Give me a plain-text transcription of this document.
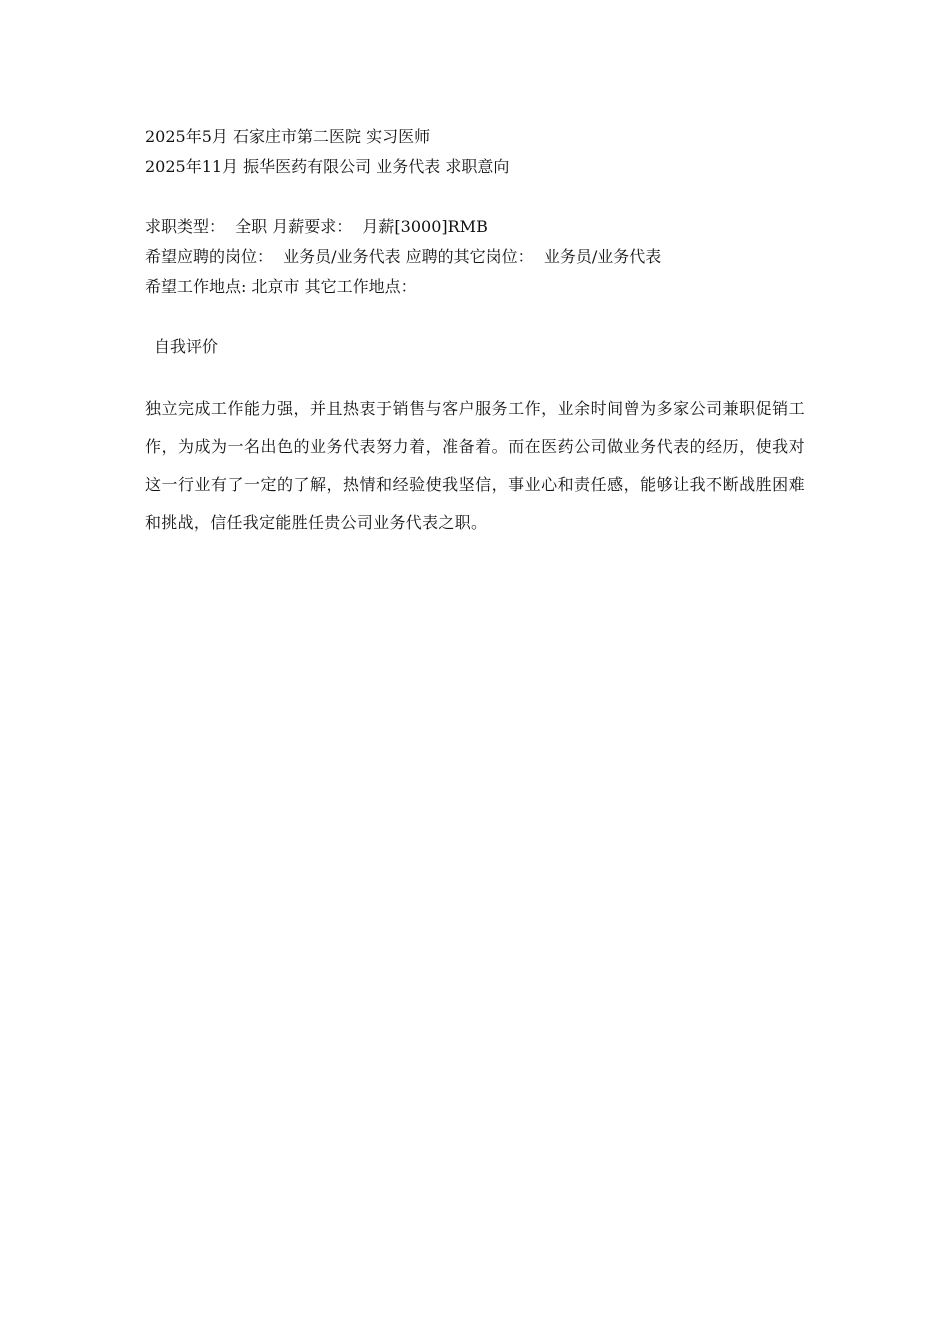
2025年5月 石家庄市第二医院 实习医师

2025年11月 振华医药有限公司 业务代表 求职意向

求职类型：  全职 月薪要求：  月薪[3000]RMB

希望应聘的岗位：  业务员/业务代表 应聘的其它岗位：  业务员/业务代表

希望工作地点: 北京市 其它工作地点：

自我评价

独立完成工作能力强，并且热衷于销售与客户服务工作，业余时间曾为多家公司兼职促销工作，为成为一名出色的业务代表努力着，准备着。而在医药公司做业务代表的经历，使我对这一行业有了一定的了解，热情和经验使我坚信，事业心和责任感，能够让我不断战胜困难和挑战，信任我定能胜任贵公司业务代表之职。
